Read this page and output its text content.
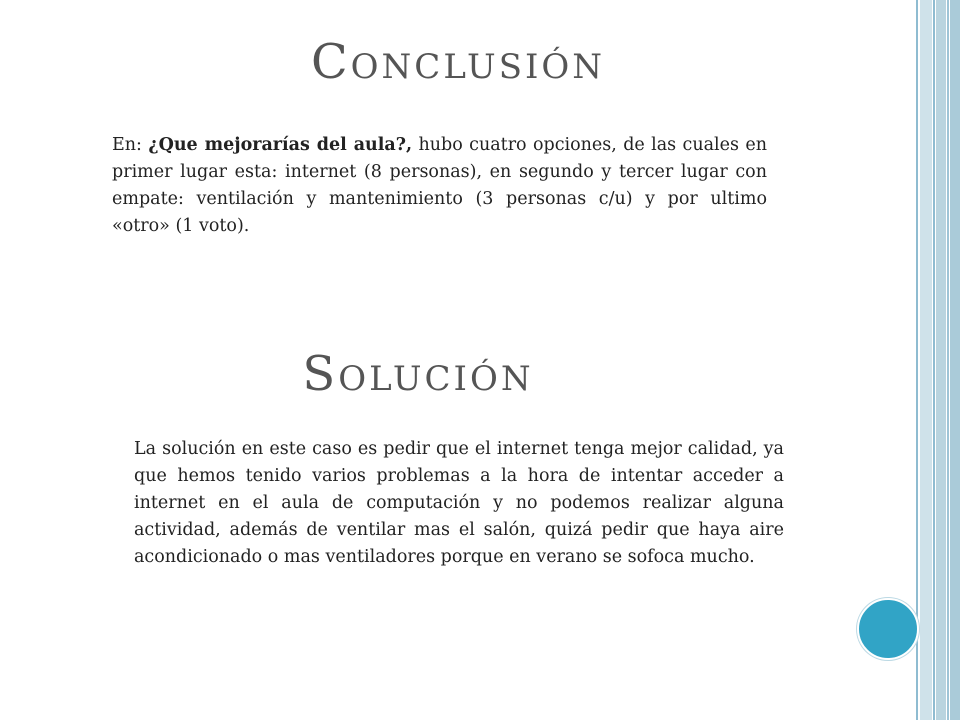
Conclusión

En: ¿Que mejorarías del aula?, hubo cuatro opciones, de las cuales en primer lugar esta: internet (8 personas), en segundo y tercer lugar con empate: ventilación y mantenimiento (3 personas c/u) y por ultimo «otro» (1 voto).

Solución

La solución en este caso es pedir que el internet tenga mejor calidad, ya que hemos tenido varios problemas a la hora de intentar acceder a internet en el aula de computación y no podemos realizar alguna actividad, además de ventilar mas el salón, quizá pedir que haya aire acondicionado o mas ventiladores porque en verano se sofoca mucho.
